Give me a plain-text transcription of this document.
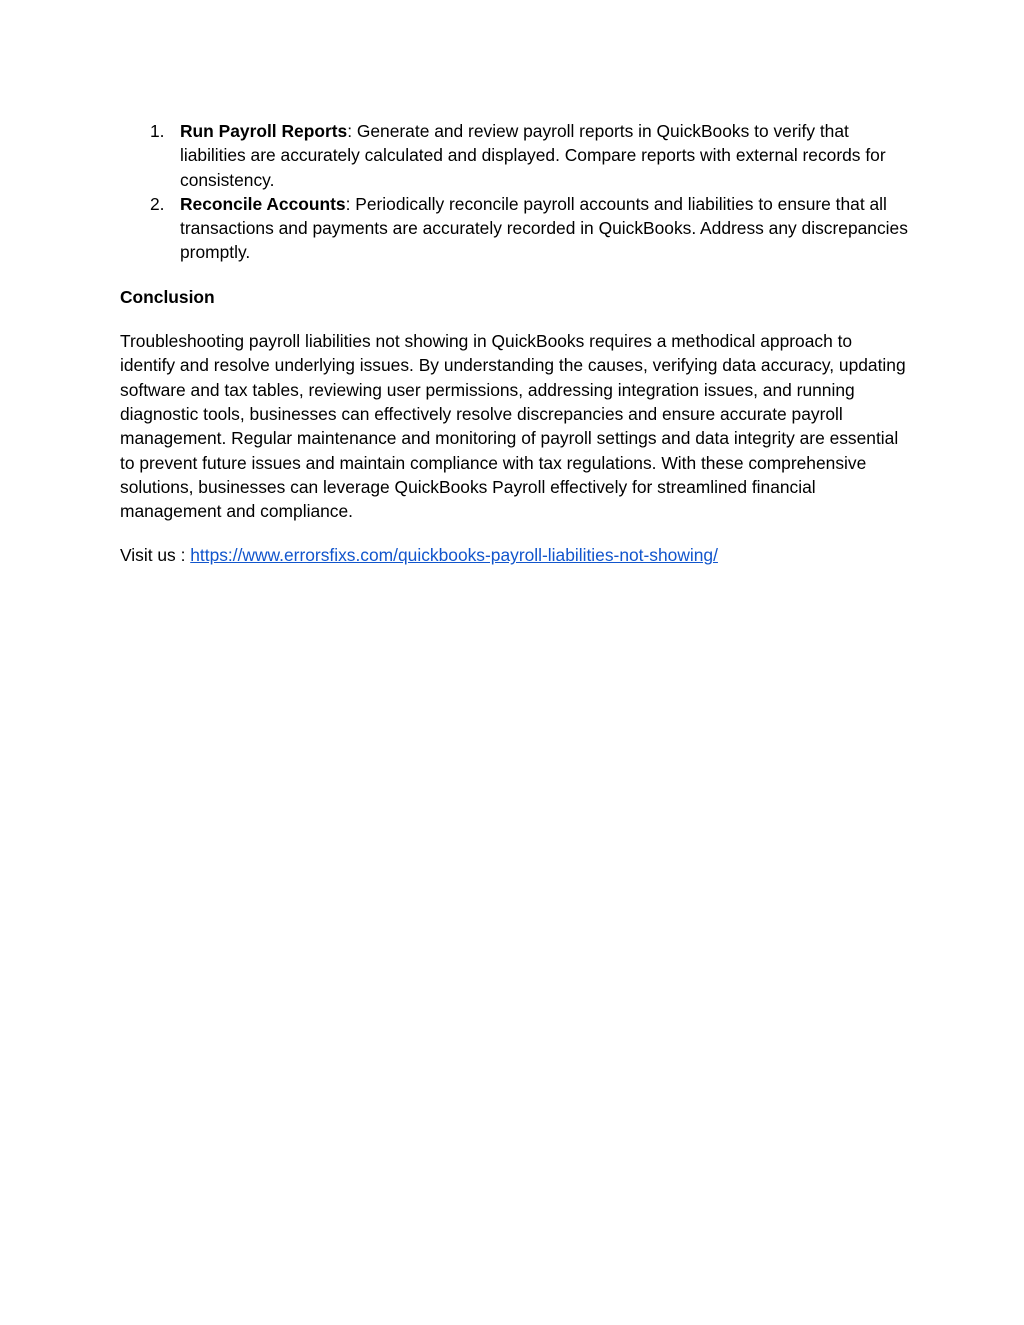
1. Run Payroll Reports: Generate and review payroll reports in QuickBooks to verify that liabilities are accurately calculated and displayed. Compare reports with external records for consistency.
2. Reconcile Accounts: Periodically reconcile payroll accounts and liabilities to ensure that all transactions and payments are accurately recorded in QuickBooks. Address any discrepancies promptly.

Conclusion

Troubleshooting payroll liabilities not showing in QuickBooks requires a methodical approach to identify and resolve underlying issues. By understanding the causes, verifying data accuracy, updating software and tax tables, reviewing user permissions, addressing integration issues, and running diagnostic tools, businesses can effectively resolve discrepancies and ensure accurate payroll management. Regular maintenance and monitoring of payroll settings and data integrity are essential to prevent future issues and maintain compliance with tax regulations. With these comprehensive solutions, businesses can leverage QuickBooks Payroll effectively for streamlined financial management and compliance.

Visit us : https://www.errorsfixs.com/quickbooks-payroll-liabilities-not-showing/
